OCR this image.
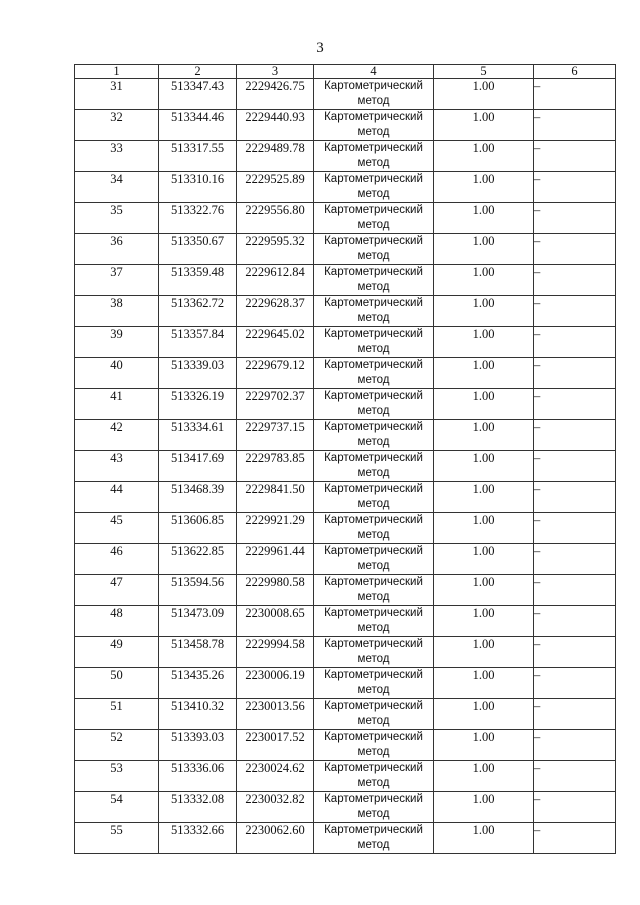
3
1	2	3	4	5	6
31	513347.43	2229426.75	Картометрический метод	1.00	–
32	513344.46	2229440.93	Картометрический метод	1.00	–
33	513317.55	2229489.78	Картометрический метод	1.00	–
34	513310.16	2229525.89	Картометрический метод	1.00	–
35	513322.76	2229556.80	Картометрический метод	1.00	–
36	513350.67	2229595.32	Картометрический метод	1.00	–
37	513359.48	2229612.84	Картометрический метод	1.00	–
38	513362.72	2229628.37	Картометрический метод	1.00	–
39	513357.84	2229645.02	Картометрический метод	1.00	–
40	513339.03	2229679.12	Картометрический метод	1.00	–
41	513326.19	2229702.37	Картометрический метод	1.00	–
42	513334.61	2229737.15	Картометрический метод	1.00	–
43	513417.69	2229783.85	Картометрический метод	1.00	–
44	513468.39	2229841.50	Картометрический метод	1.00	–
45	513606.85	2229921.29	Картометрический метод	1.00	–
46	513622.85	2229961.44	Картометрический метод	1.00	–
47	513594.56	2229980.58	Картометрический метод	1.00	–
48	513473.09	2230008.65	Картометрический метод	1.00	–
49	513458.78	2229994.58	Картометрический метод	1.00	–
50	513435.26	2230006.19	Картометрический метод	1.00	–
51	513410.32	2230013.56	Картометрический метод	1.00	–
52	513393.03	2230017.52	Картометрический метод	1.00	–
53	513336.06	2230024.62	Картометрический метод	1.00	–
54	513332.08	2230032.82	Картометрический метод	1.00	–
55	513332.66	2230062.60	Картометрический метод	1.00	–
